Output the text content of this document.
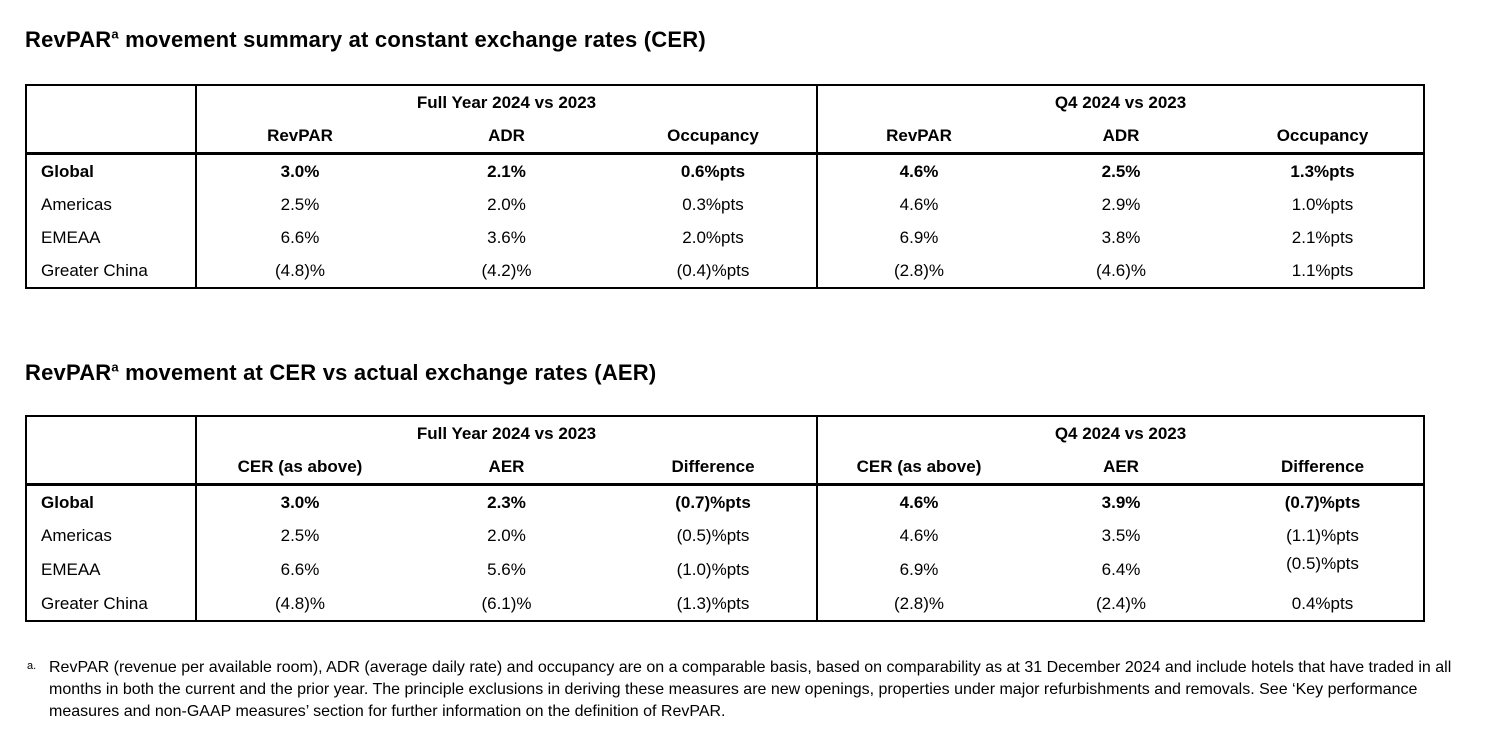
RevPAR$^a$ movement summary at constant exchange rates (CER)
	Full Year 2024 vs 2023			Q4 2024 vs 2023		
	RevPAR	ADR	Occupancy	RevPAR	ADR	Occupancy
Global	3.0%	2.1%	0.6%pts	4.6%	2.5%	1.3%pts
Americas	2.5%	2.0%	0.3%pts	4.6%	2.9%	1.0%pts
EMEAA	6.6%	3.6%	2.0%pts	6.9%	3.8%	2.1%pts
Greater China	(4.8)%	(4.2)%	(0.4)%pts	(2.8)%	(4.6)%	1.1%pts
RevPAR$^a$ movement at CER vs actual exchange rates (AER)
	Full Year 2024 vs 2023			Q4 2024 vs 2023		
	CER (as above)	AER	Difference	CER (as above)	AER	Difference
Global	3.0%	2.3%	(0.7)%pts	4.6%	3.9%	(0.7)%pts
Americas	2.5%	2.0%	(0.5)%pts	4.6%	3.5%	(1.1)%pts
EMEAA	6.6%	5.6%	(1.0)%pts	6.9%	6.4%	(0.5)%pts
Greater China	(4.8)%	(6.1)%	(1.3)%pts	(2.8)%	(2.4)%	0.4%pts
a. RevPAR (revenue per available room), ADR (average daily rate) and occupancy are on a comparable basis, based on comparability as at 31 December 2024 and include hotels that have traded in all months in both the current and the prior year. The principle exclusions in deriving these measures are new openings, properties under major refurbishments and removals. See ‘Key performance measures and non-GAAP measures’ section for further information on the definition of RevPAR.
